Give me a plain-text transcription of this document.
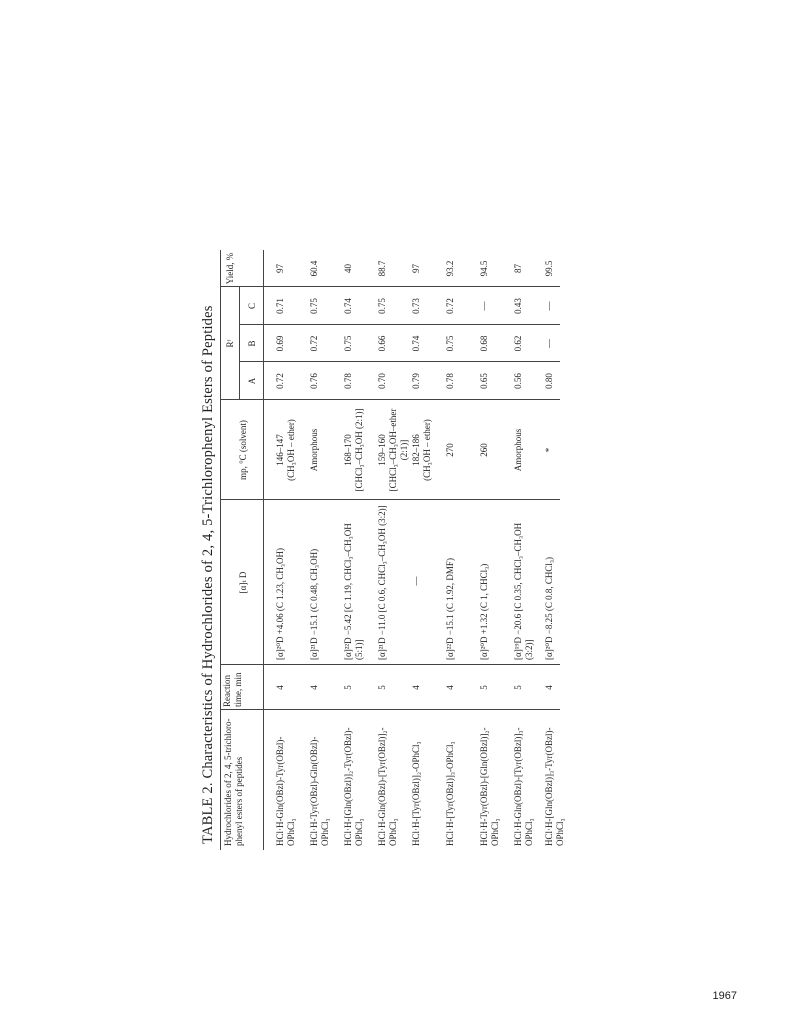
TABLE 2. Characteristics of Hydrochlorides of 2, 4, 5-Trichlorophenyl Esters of Peptides Hydrochlorides of 2, 4, 5-trichloro-phenyl esters of peptides
Reaction time, min
[α]ₜ D
mp, °C (solvent)
Rᶠ
A
B
C
Yield, %
HCl·H-Gln(OBzl)-Tyr(OBzl)-OPhCl₃
4
[α]²⁰D +4.06 (C 1.23, CH₃OH)
146–147 (CH₃OH – ether)
0.72
0.69
0.71
97
HCl·H-Tyr(OBzl)-Gln(OBzl)-OPhCl₃
4
[α]²¹D −15.1 (C 0.48, CH₃OH)
Amorphous
0.76
0.72
0.75
60.4
HCl·H-[Gln(OBzl)]₂-Tyr(OBzl)-OPhCl₃
5
[α]²²D −5.42 [C 1.19, CHCl₃–CH₃OH (5:1)]
168–170 [CHCl₃–CH₃OH (2:1)]
0.78
0.75
0.74
40
HCl·H-Gln(OBzl)-[Tyr(OBzl)]₂-OPhCl₃
5
[α]²¹D −11.0 [C 0.6, CHCl₃–CH₃OH (3:2)]
159–160 [CHCl₃–CH₃OH–ether (2:1)]
0.70
0.66
0.75
88.7
HCl·H-[Tyr(OBzl)]₂-OPhCl₃
4
—
182–186 (CH₃OH – ether)
0.79
0.74
0.73
97
HCl·H-[Tyr(OBzl)]₃-OPhCl₃
4
[α]²²D −15.1 (C 1.92, DMF)
270
0.78
0.75
0.72
93.2
HCl·H-Tyr(OBzl)-[Gln(OBzl)]₂-OPhCl₃
5
[α]²⁰D +1.32 (C 1, CHCl₃)
260
0.65
0.68
—
94.5
HCl·H-Gln(OBzl)-[Tyr(OBzl)]₃-OPhCl₃
5
[α]¹⁹D −20.6 [C 0.35, CHCl₃–CH₃OH (3:2)]
Amorphous
0.56
0.62
0.43
87
HCl·H-[Gln(OBzl)]₃-Tyr(OBzl)-OPhCl₃
4
[α]²⁰D −8.25 (C 0.8, CHCl₃)
*
0.80
—
—
99.5
1967
